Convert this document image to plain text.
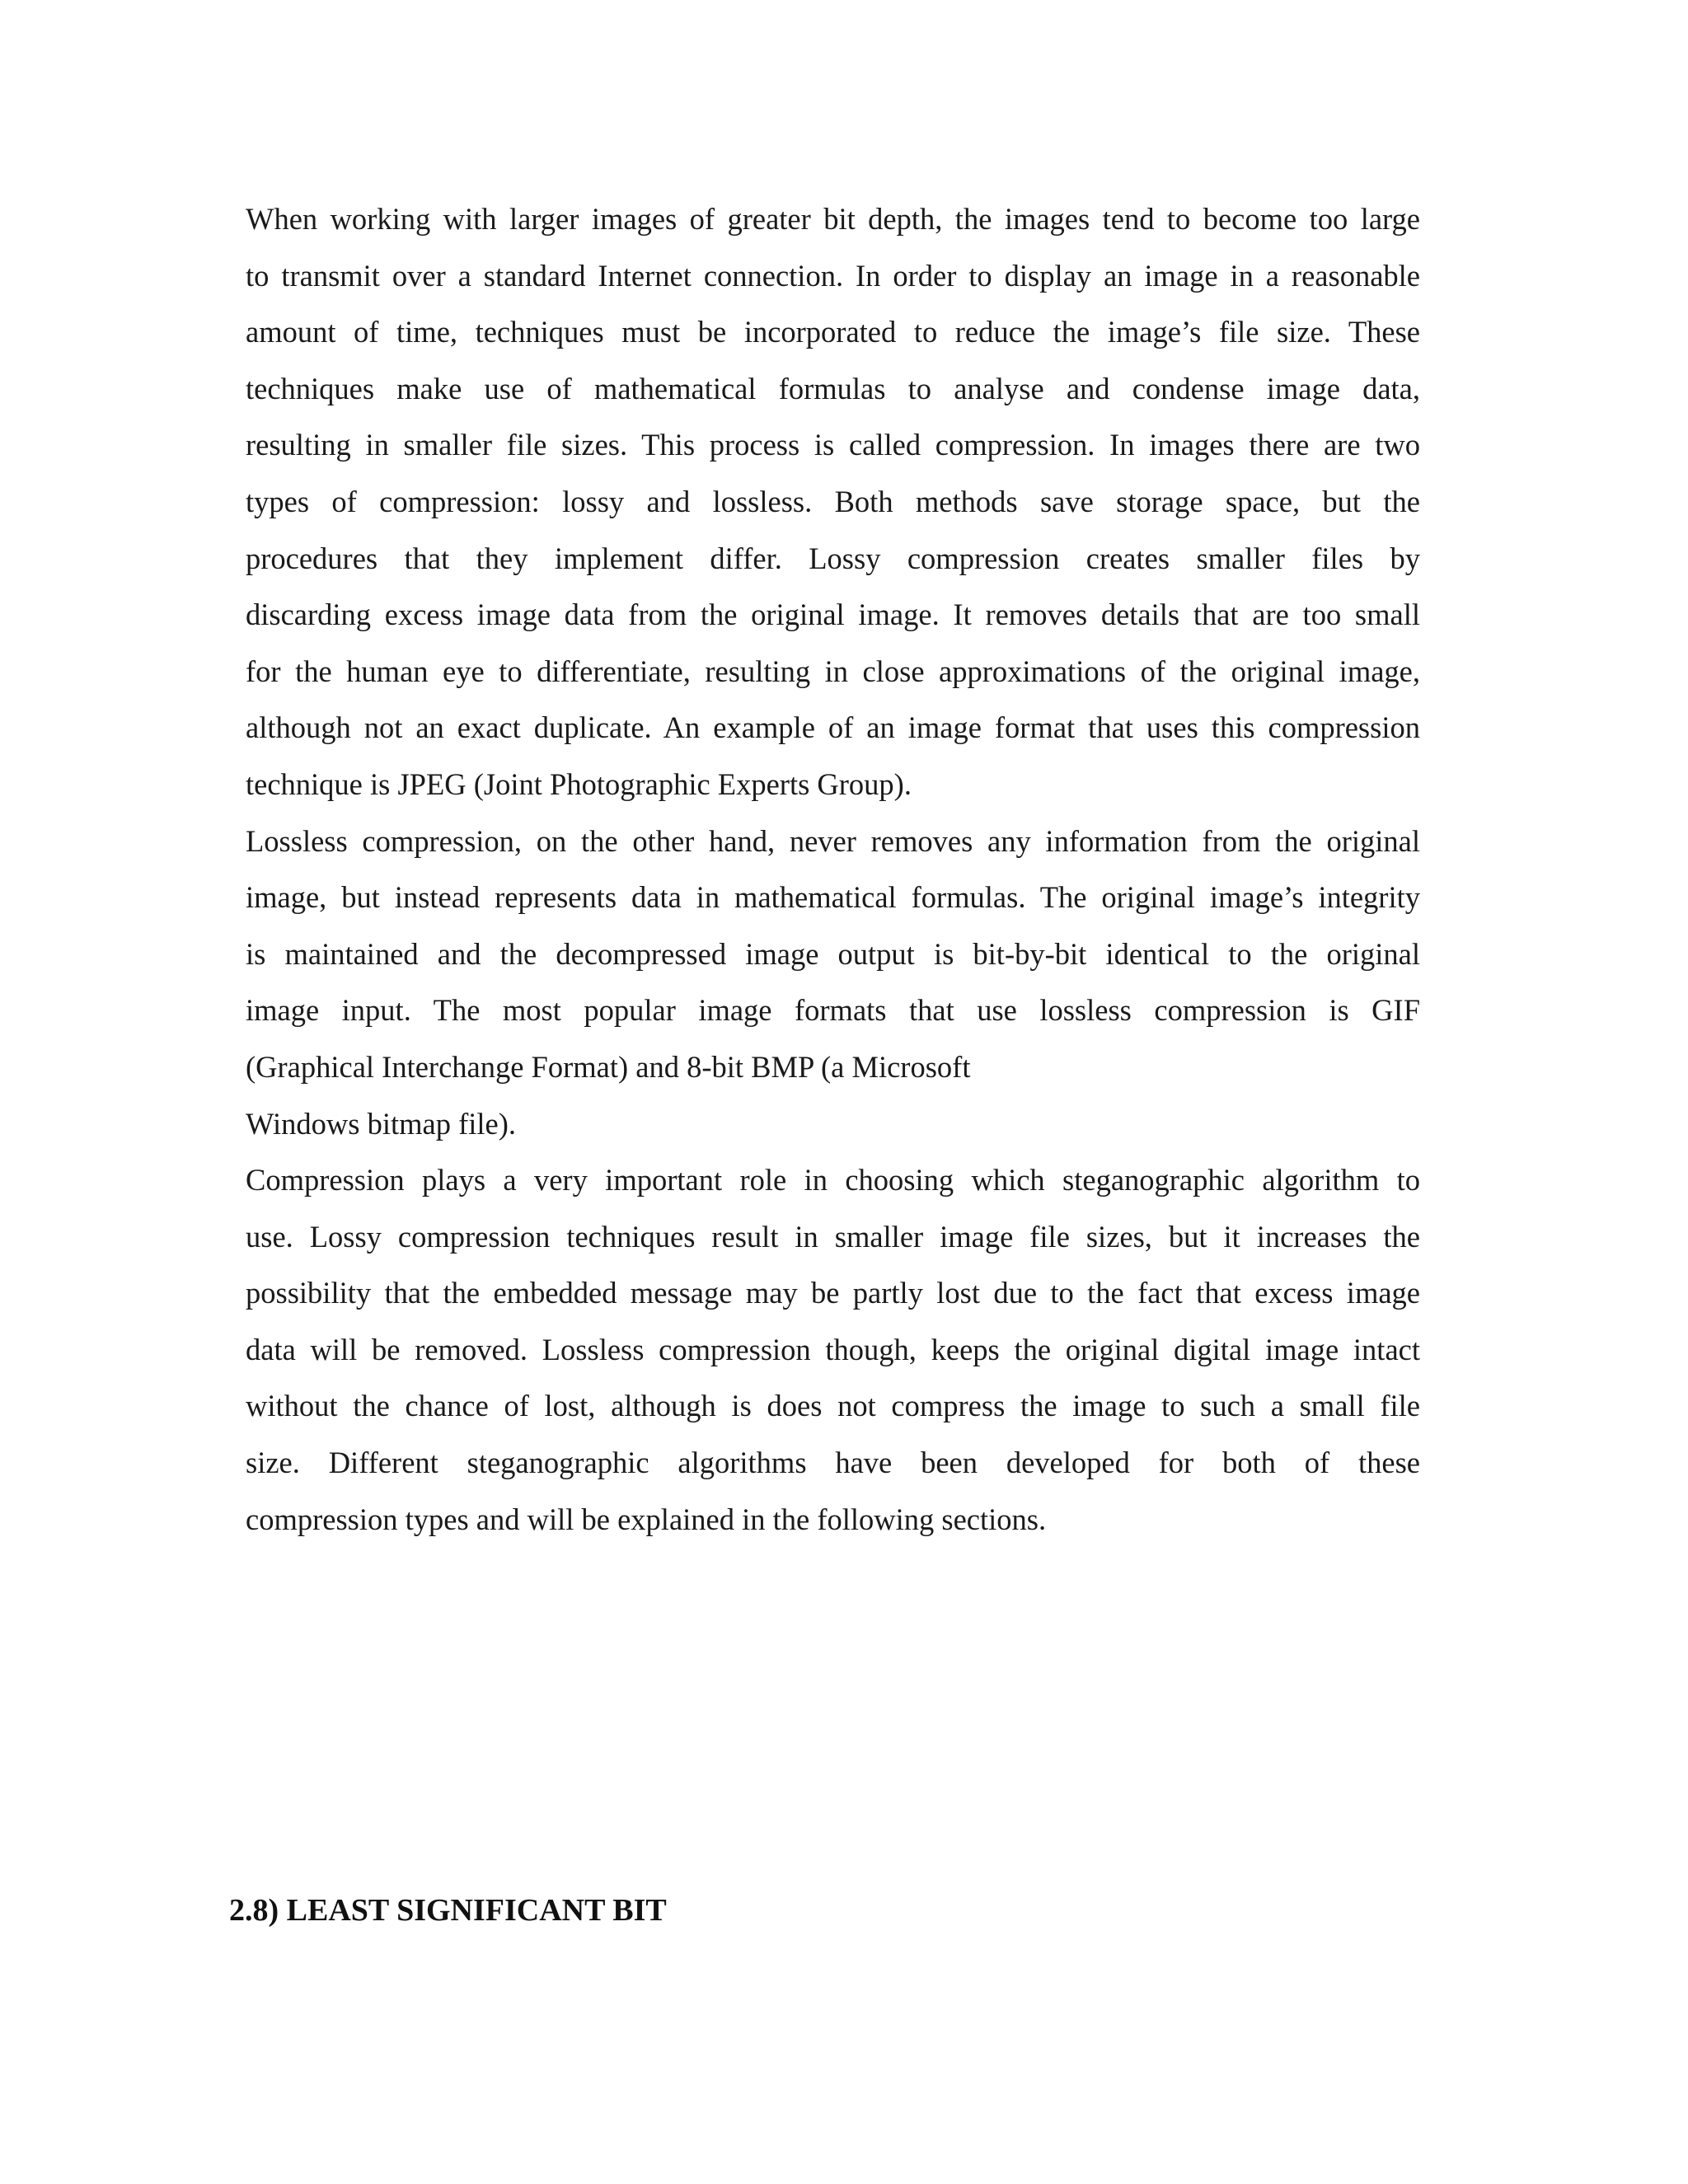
When working with larger images of greater bit depth, the images tend to become too large
to transmit over a standard Internet connection. In order to display an image in a reasonable
amount of time, techniques must be incorporated to reduce the image’s file size. These
techniques make use of mathematical formulas to analyse and condense image data,
resulting in smaller file sizes. This process is called compression. In images there are two
types of compression: lossy and lossless. Both methods save storage space, but the
procedures that they implement differ. Lossy compression creates smaller files by
discarding excess image data from the original image. It removes details that are too small
for the human eye to differentiate, resulting in close approximations of the original image,
although not an exact duplicate. An example of an image format that uses this compression
technique is JPEG (Joint Photographic Experts Group).
Lossless compression, on the other hand, never removes any information from the original
image, but instead represents data in mathematical formulas. The original image’s integrity
is maintained and the decompressed image output is bit-by-bit identical to the original
image input. The most popular image formats that use lossless compression is GIF
(Graphical Interchange Format) and 8-bit BMP (a Microsoft
Windows bitmap file).
Compression plays a very important role in choosing which steganographic algorithm to
use. Lossy compression techniques result in smaller image file sizes, but it increases the
possibility that the embedded message may be partly lost due to the fact that excess image
data will be removed. Lossless compression though, keeps the original digital image intact
without the chance of lost, although is does not compress the image to such a small file
size. Different steganographic algorithms have been developed for both of these
compression types and will be explained in the following sections.
2.8) LEAST SIGNIFICANT BIT
